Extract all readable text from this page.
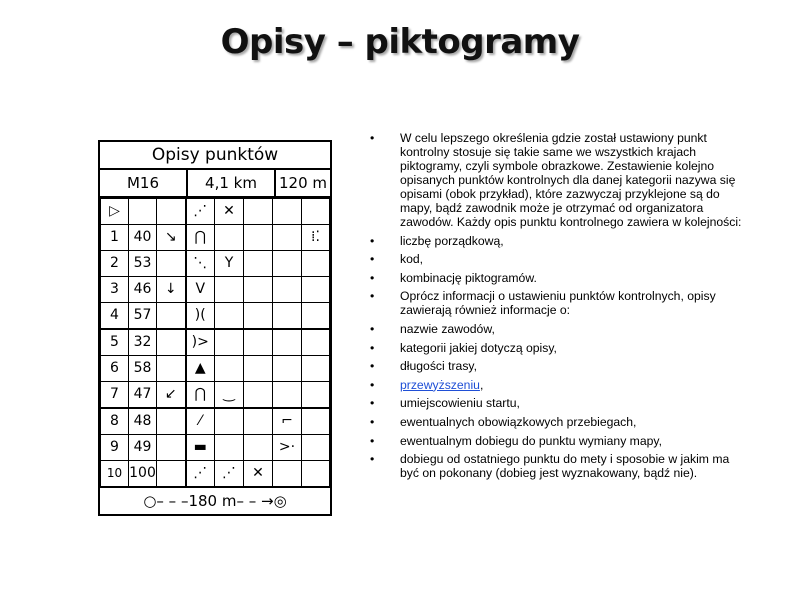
Opisy – piktogramy
Opisy punktów
M16	4,1 km	120 m
▷			⋰	✕			
1	40	↘	⋂				⁞⁚
2	53		⋱	Y			
3	46	↓	V				
4	57		)(				
5	32		)>				
6	58		▲				
7	47	↙	⋂	‿			
8	48		⁄			⌐	
9	49		▬			>·	
10	100		⋰	⋰	✕		
○– – –180 m– – →◎
• W celu lepszego określenia gdzie został ustawiony punkt kontrolny stosuje się takie same we wszystkich krajach piktogramy, czyli symbole obrazkowe. Zestawienie kolejno opisanych punktów kontrolnych dla danej kategorii nazywa się opisami (obok przykład), które zazwyczaj przyklejone są do mapy, bądź zawodnik może je otrzymać od organizatora zawodów. Każdy opis punktu kontrolnego zawiera w kolejności:
• liczbę porządkową,
• kod,
• kombinację piktogramów.
• Oprócz informacji o ustawieniu punktów kontrolnych, opisy zawierają również informacje o:
• nazwie zawodów,
• kategorii jakiej dotyczą opisy,
• długości trasy,
• przewyższeniu,
• umiejscowieniu startu,
• ewentualnych obowiązkowych przebiegach,
• ewentualnym dobiegu do punktu wymiany mapy,
• dobiegu od ostatniego punktu do mety i sposobie w jakim ma być on pokonany (dobieg jest wyznakowany, bądź nie).
